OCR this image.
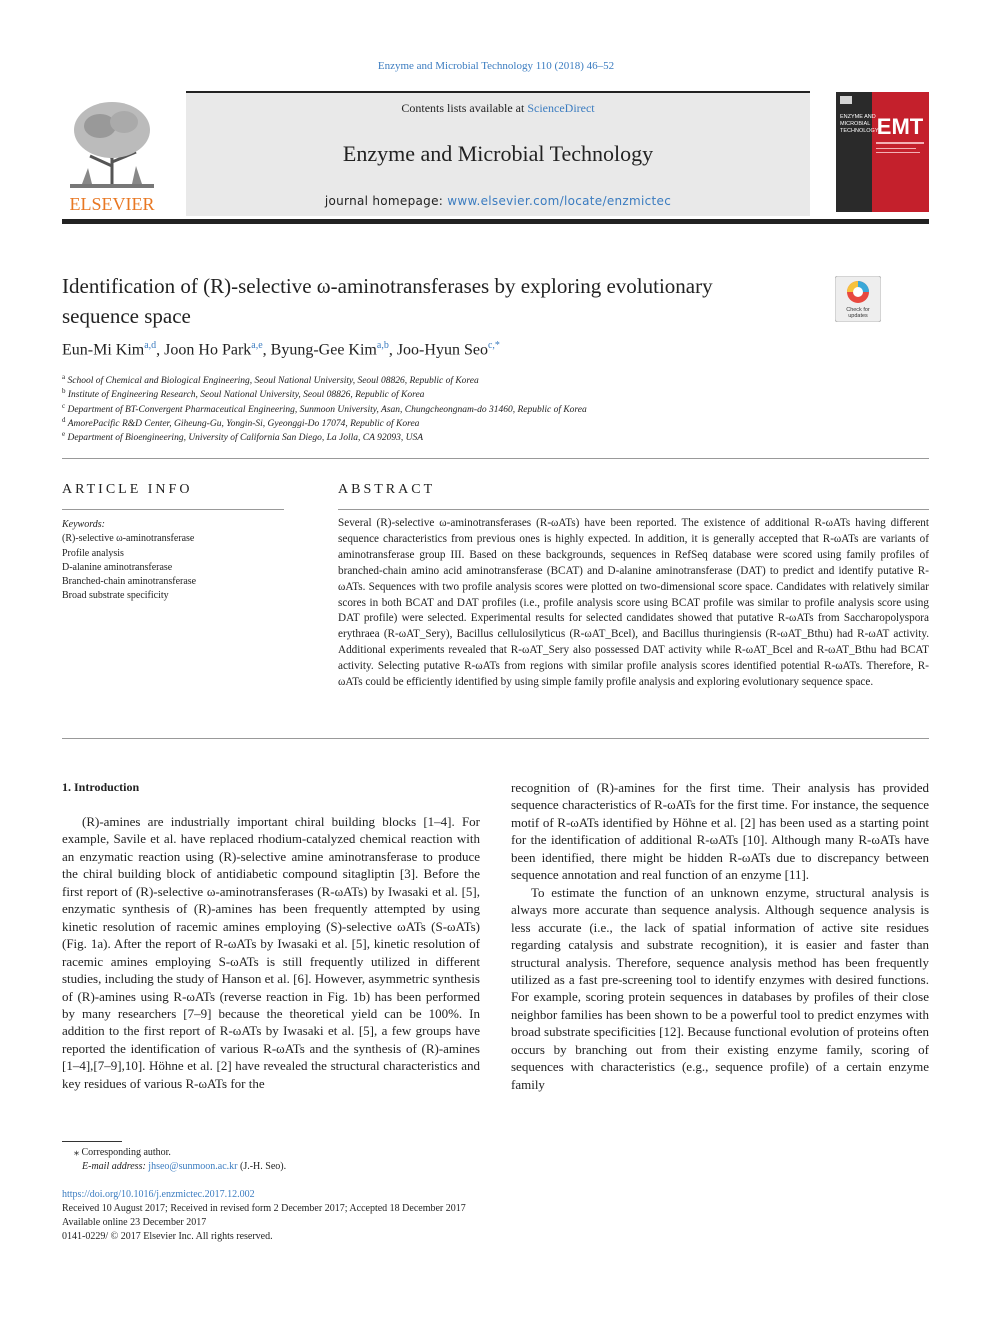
Enzyme and Microbial Technology 110 (2018) 46–52
Contents lists available at ScienceDirect
Enzyme and Microbial Technology
journal homepage: www.elsevier.com/locate/enzmictec
ELSEVIER
ENZYME AND
MICROBIAL
TECHNOLOGY
EMT
Identification of (R)-selective ω-aminotransferases by exploring evolutionary sequence space	Check for
updates
Eun-Mi Kim$^{a,d}$, Joon Ho Park$^{a,e}$, Byung-Gee Kim$^{a,b}$, Joo-Hyun Seo$^{c,*}$
$^a$ School of Chemical and Biological Engineering, Seoul National University, Seoul 08826, Republic of Korea
$^b$ Institute of Engineering Research, Seoul National University, Seoul 08826, Republic of Korea
$^c$ Department of BT-Convergent Pharmaceutical Engineering, Sunmoon University, Asan, Chungcheongnam-do 31460, Republic of Korea
$^d$ AmorePacific R&D Center, Giheung-Gu, Yongin-Si, Gyeonggi-Do 17074, Republic of Korea
$^e$ Department of Bioengineering, University of California San Diego, La Jolla, CA 92093, USA
ARTICLE INFO
Keywords:
(R)-selective ω-aminotransferase
Profile analysis
D-alanine aminotransferase
Branched-chain aminotransferase
Broad substrate specificity
ABSTRACT
Several (R)-selective ω-aminotransferases (R-ωATs) have been reported. The existence of additional R-ωATs having different sequence characteristics from previous ones is highly expected. In addition, it is generally accepted that R-ωATs are variants of aminotransferase group III. Based on these backgrounds, sequences in RefSeq database were scored using family profiles of branched-chain amino acid aminotransferase (BCAT) and D-alanine aminotransferase (DAT) to predict and identify putative R-ωATs. Sequences with two profile analysis scores were plotted on two-dimensional score space. Candidates with relatively similar scores in both BCAT and DAT profiles (i.e., profile analysis score using BCAT profile was similar to profile analysis score using DAT profile) were selected. Experimental results for selected candidates showed that putative R-ωATs from Saccharopolyspora erythraea (R-ωAT_Sery), Bacillus cellulosilyticus (R-ωAT_Bcel), and Bacillus thuringiensis (R-ωAT_Bthu) had R-ωAT activity. Additional experiments revealed that R-ωAT_Sery also possessed DAT activity while R-ωAT_Bcel and R-ωAT_Bthu had BCAT activity. Selecting putative R-ωATs from regions with similar profile analysis scores identified potential R-ωATs. Therefore, R-ωATs could be efficiently identified by using simple family profile analysis and exploring evolutionary sequence space.
1. Introduction

(R)-amines are industrially important chiral building blocks [1–4]. For example, Savile et al. have replaced rhodium-catalyzed chemical reaction with an enzymatic reaction using (R)-selective amine aminotransferase to produce the chiral building block of antidiabetic compound sitagliptin [3]. Before the first report of (R)-selective ω-aminotransferases (R-ωATs) by Iwasaki et al. [5], enzymatic synthesis of (R)-amines has been frequently attempted by using kinetic resolution of racemic amines employing (S)-selective ωATs (S-ωATs) (Fig. 1a). After the report of R-ωATs by Iwasaki et al. [5], kinetic resolution of racemic amines employing S-ωATs is still frequently utilized in different studies, including the study of Hanson et al. [6]. However, asymmetric synthesis of (R)-amines using R-ωATs (reverse reaction in Fig. 1b) has been performed by many researchers [7–9] because the theoretical yield can be 100%. In addition to the first report of R-ωATs by Iwasaki et al. [5], a few groups have reported the identification of various R-ωATs and the synthesis of (R)-amines [1–4],[7–9],10]. Höhne et al. [2] have revealed the structural characteristics and key residues of various R-ωATs for the

recognition of (R)-amines for the first time. Their analysis has provided sequence characteristics of R-ωATs for the first time. For instance, the sequence motif of R-ωATs identified by Höhne et al. [2] has been used as a starting point for the identification of additional R-ωATs [10]. Although many R-ωATs have been identified, there might be hidden R-ωATs due to discrepancy between sequence annotation and real function of an enzyme [11].

To estimate the function of an unknown enzyme, structural analysis is always more accurate than sequence analysis. Although sequence analysis is less accurate (i.e., the lack of spatial information of active site residues regarding catalysis and substrate recognition), it is easier and faster than structural analysis. Therefore, sequence analysis method has been frequently utilized as a fast pre-screening tool to identify enzymes with desired functions. For example, scoring protein sequences in databases by profiles of their close neighbor families has been shown to be a powerful tool to predict enzymes with broad substrate specificities [12]. Because functional evolution of proteins often occurs by branching out from their existing enzyme family, scoring of sequences with characteristics (e.g., sequence profile) of a certain enzyme family

⁎ Corresponding author.
E-mail address: jhseo@sunmoon.ac.kr (J.-H. Seo).
https://doi.org/10.1016/j.enzmictec.2017.12.002
Received 10 August 2017; Received in revised form 2 December 2017; Accepted 18 December 2017
Available online 23 December 2017
0141-0229/ © 2017 Elsevier Inc. All rights reserved.
